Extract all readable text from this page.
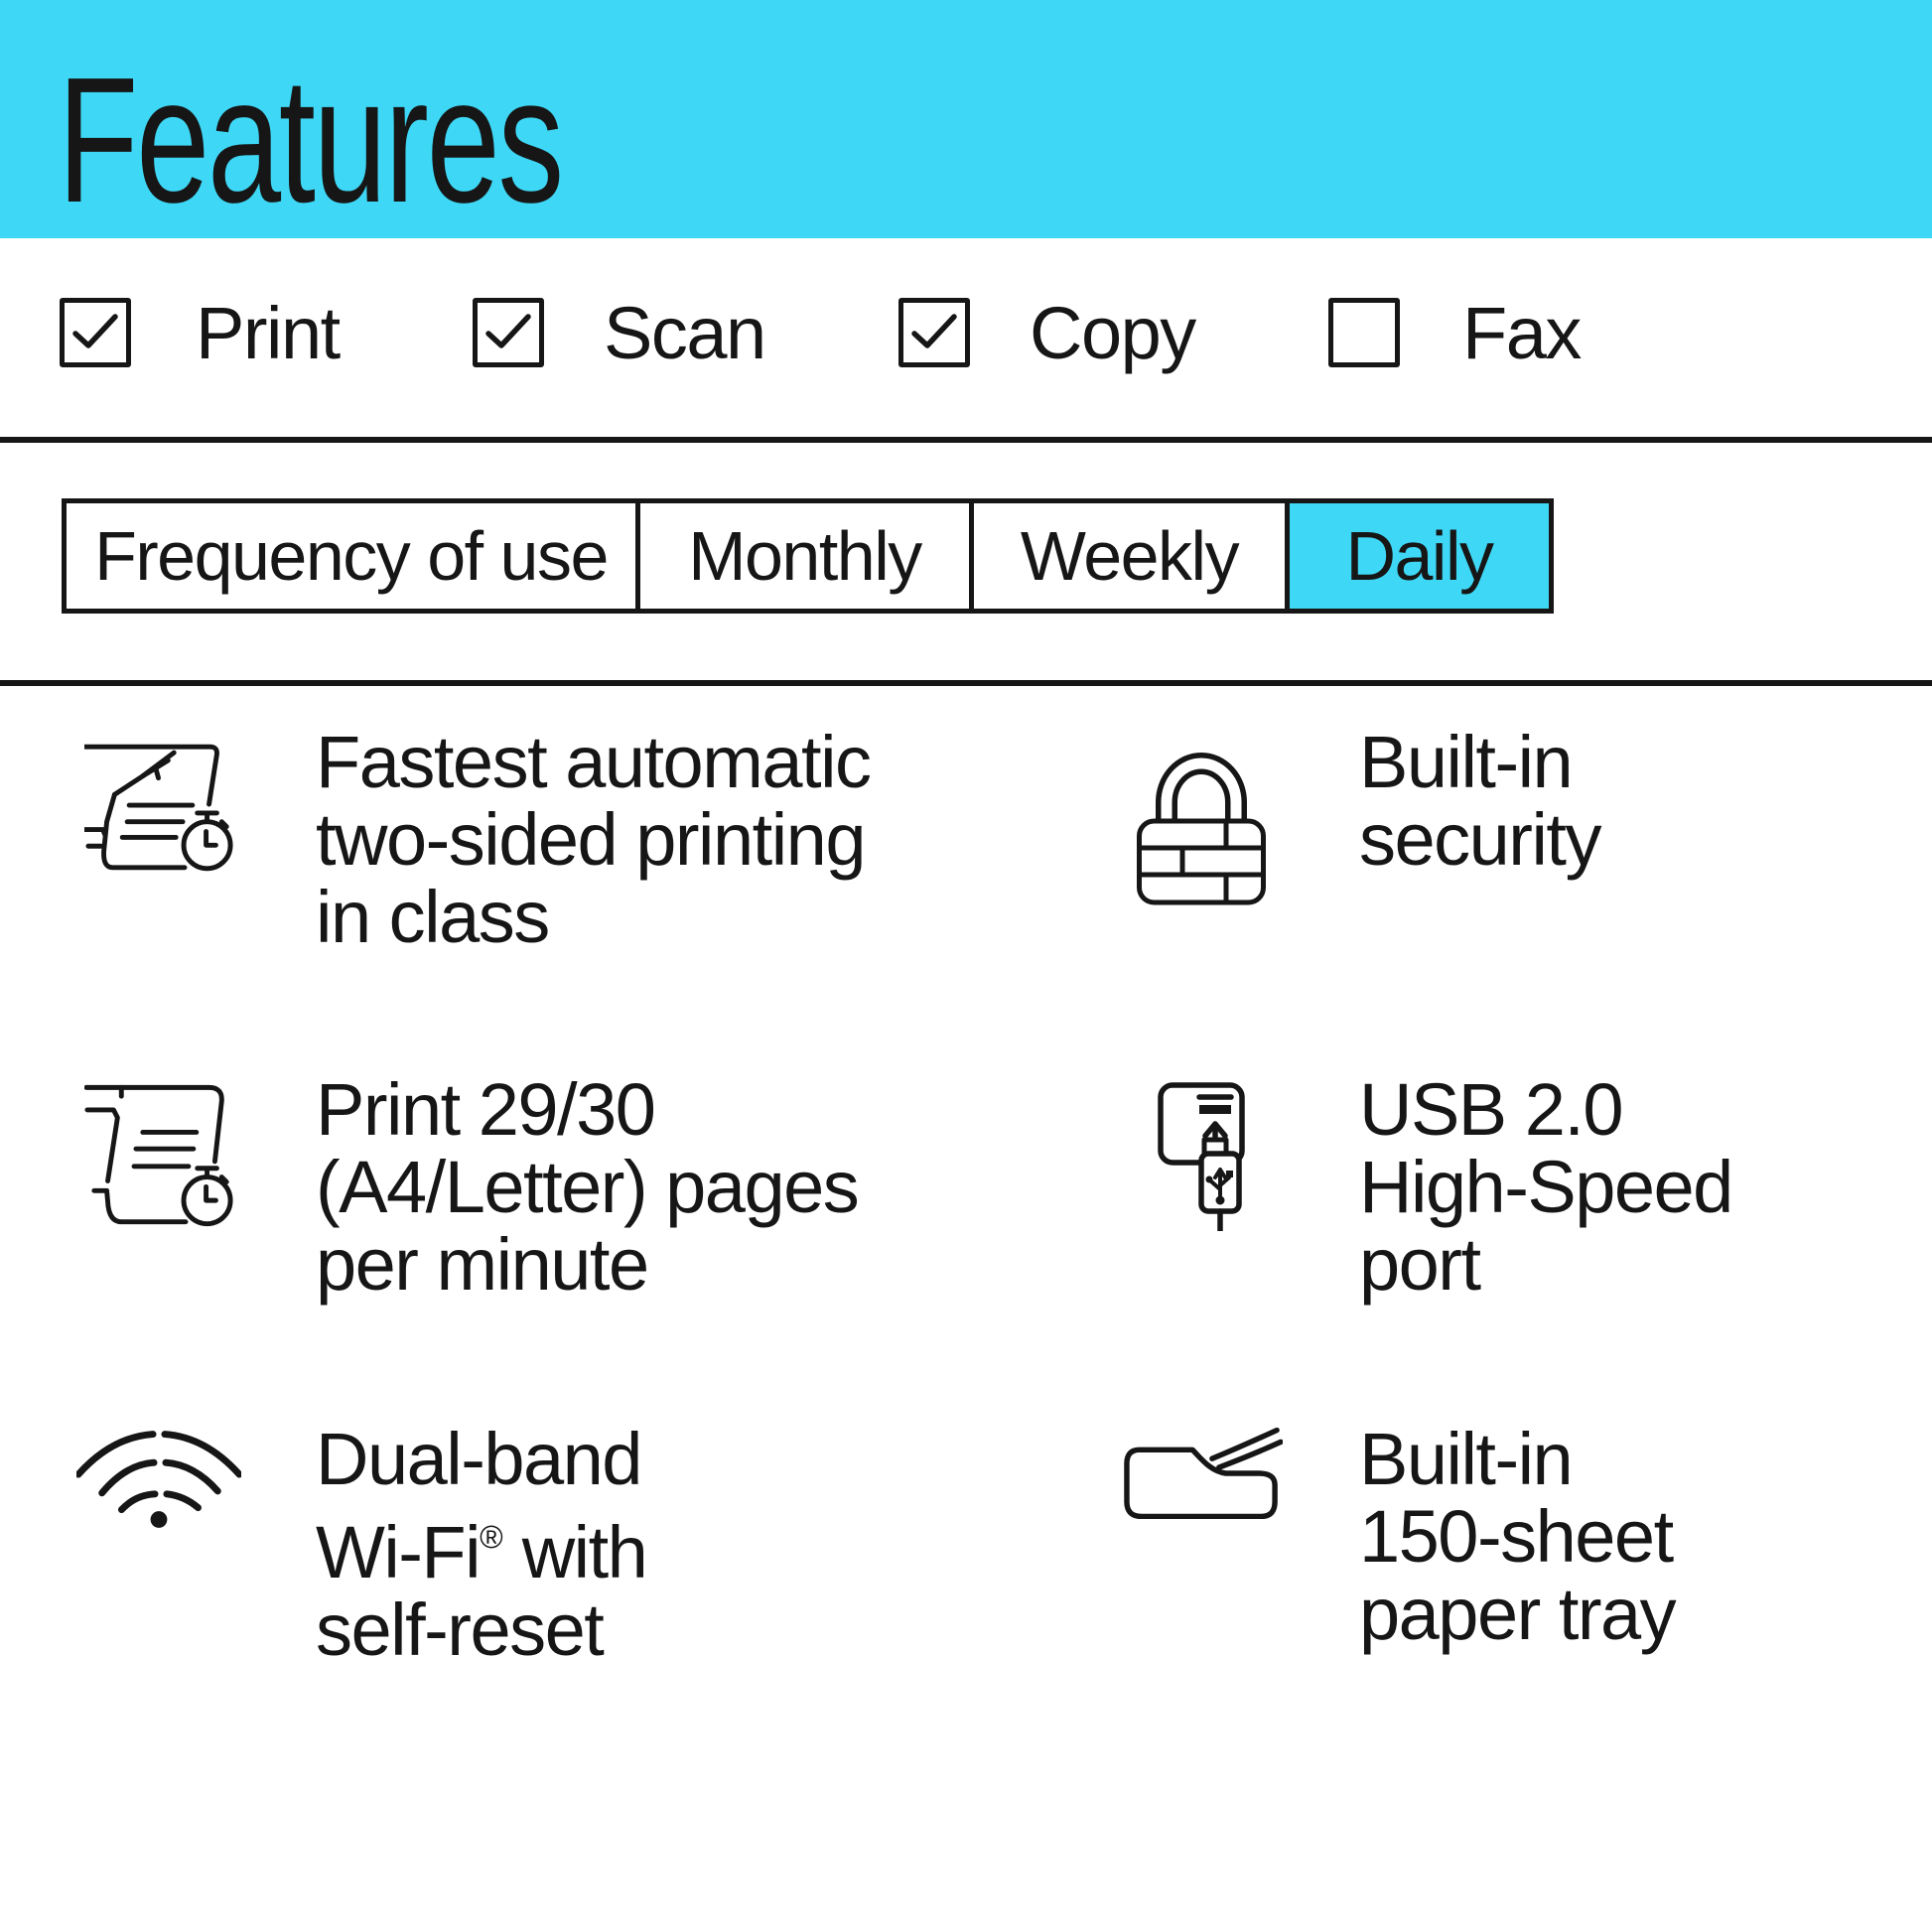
Features
Print	Scan	Copy	Fax
Frequency of use	Monthly	Weekly	Daily
Fastest automatic
two-sided printing
in class
Built-in
security
Print 29/30
(A4/Letter) pages
per minute
USB 2.0
High-Speed
port
Dual-band
Wi-Fi® with
self-reset
Built-in
150-sheet
paper tray
